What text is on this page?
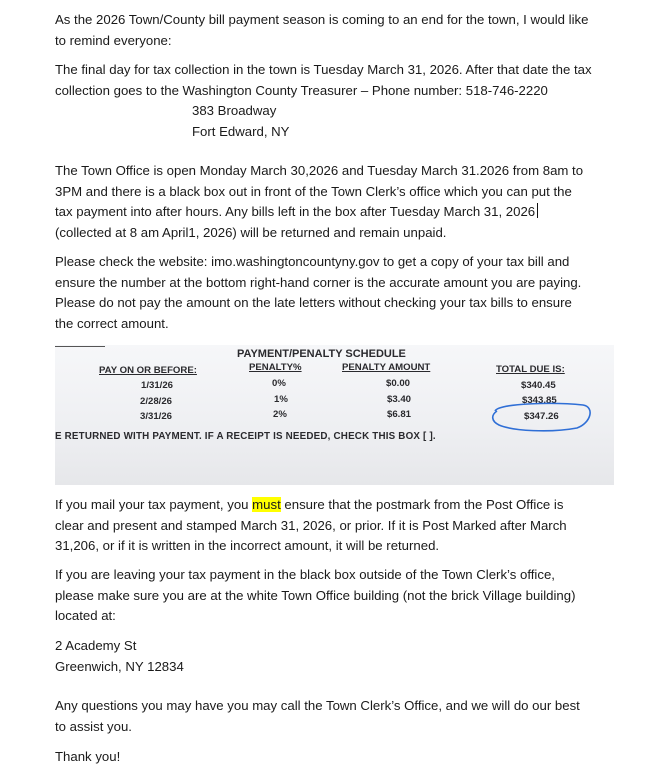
As the 2026 Town/County bill payment season is coming to an end for the town, I would like
to remind everyone:
The final day for tax collection in the town is Tuesday March 31, 2026. After that date the tax
collection goes to the Washington County Treasurer – Phone number: 518-746-2220
383 Broadway
Fort Edward, NY
The Town Office is open Monday March 30,2026 and Tuesday March 31.2026 from 8am to
3PM and there is a black box out in front of the Town Clerk’s office which you can put the
tax payment into after hours. Any bills left in the box after Tuesday March 31, 2026
(collected at 8 am April1, 2026) will be returned and remain unpaid.
Please check the website: imo.washingtoncountyny.gov to get a copy of your tax bill and
ensure the number at the bottom right-hand corner is the accurate amount you are paying.
Please do not pay the amount on the late letters without checking your tax bills to ensure
the correct amount.
PAYMENT/PENALTY SCHEDULE
PAY ON OR BEFORE:	PENALTY%	PENALTY AMOUNT	TOTAL DUE IS:
1/31/26	0%	$0.00	$340.45
2/28/26	1%	$3.40	$343.85
3/31/26	2%	$6.81	$347.26
E RETURNED WITH PAYMENT. IF A RECEIPT IS NEEDED, CHECK THIS BOX [ ].
If you mail your tax payment, you must ensure that the postmark from the Post Office is
clear and present and stamped March 31, 2026, or prior. If it is Post Marked after March
31,206, or if it is written in the incorrect amount, it will be returned.
If you are leaving your tax payment in the black box outside of the Town Clerk’s office,
please make sure you are at the white Town Office building (not the brick Village building)
located at:
2 Academy St
Greenwich, NY 12834
Any questions you may have you may call the Town Clerk’s Office, and we will do our best
to assist you.
Thank you!
